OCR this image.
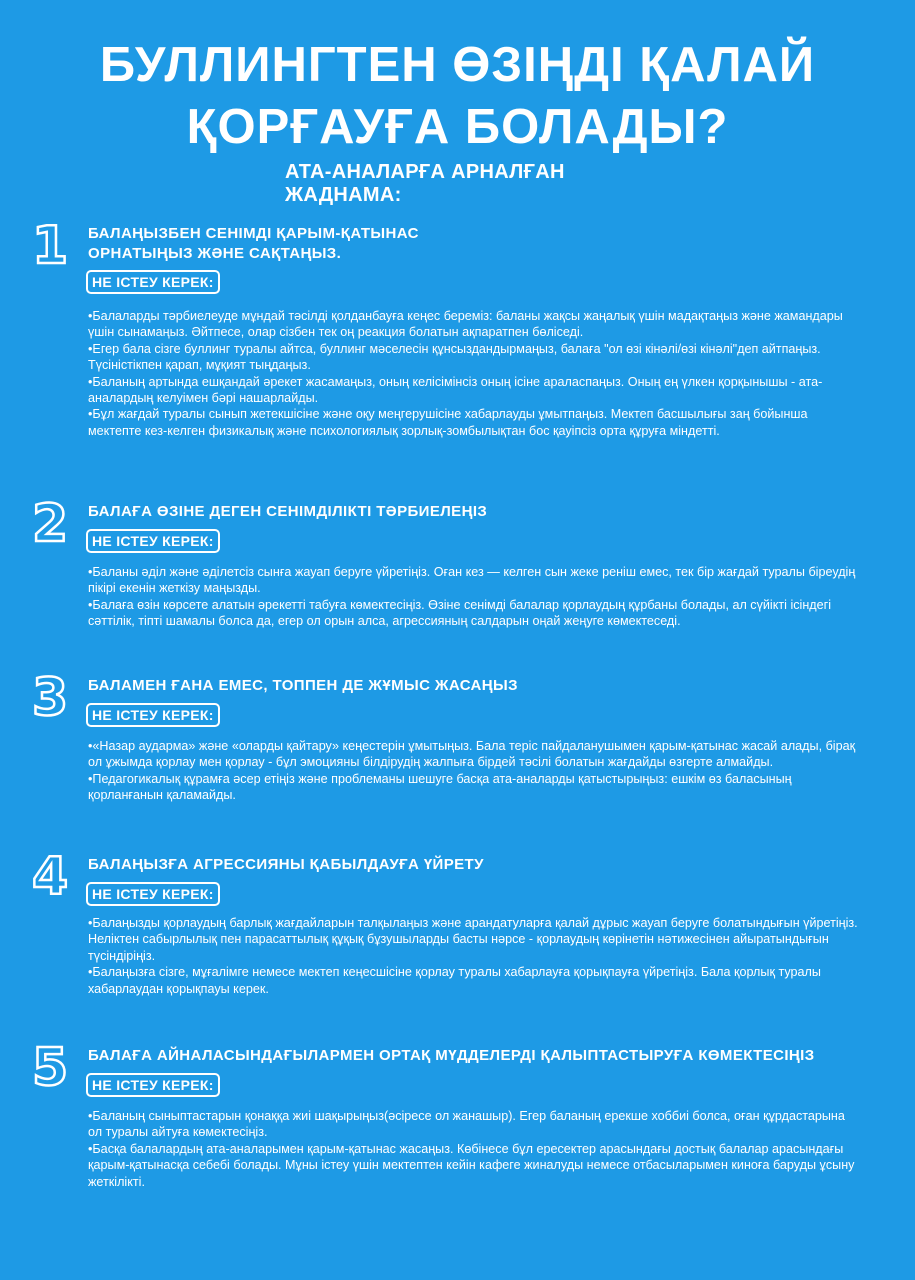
БУЛЛИНГТЕН ӨЗІҢДІ ҚАЛАЙ
ҚОРҒАУҒА БОЛАДЫ?
АТА-АНАЛАРҒА АРНАЛҒАН ЖАДНАМА:
1 БАЛАҢЫЗБЕН СЕНІМДІ ҚАРЫМ-ҚАТЫНАС
ОРНАТЫҢЫЗ ЖӘНЕ САҚТАҢЫЗ.
НЕ ІСТЕУ КЕРЕК:
• Балаларды тәрбиелеуде мұндай тәсілді қолданбауға кеңес береміз: баланы жақсы жаңалық үшін мадақтаңыз және жамандары үшін сынамаңыз. Әйтпесе, олар сізбен тек оң реакция болатын ақпаратпен бөліседі.
• Егер бала сізге буллинг туралы айтса, буллинг мәселесін құнсыздандырмаңыз, балаға "ол өзі кінәлі/өзі кінәлі"деп айтпаңыз. Түсіністікпен қарап, мұқият тыңдаңыз.
• Баланың артында ешқандай әрекет жасамаңыз, оның келісімінсіз оның ісіне араласпаңыз. Оның ең үлкен қорқынышы - ата-аналардың келуімен бәрі нашарлайды.
• Бұл жағдай туралы сынып жетекшісіне және оқу меңгерушісіне хабарлауды ұмытпаңыз. Мектеп басшылығы заң бойынша мектепте кез-келген физикалық және психологиялық зорлық-зомбылықтан бос қауіпсіз орта құруға міндетті.
2 БАЛАҒА ӨЗІНЕ ДЕГЕН СЕНІМДІЛІКТІ ТӘРБИЕЛЕҢІЗ
НЕ ІСТЕУ КЕРЕК:
• Баланы әділ және әділетсіз сынға жауап беруге үйретіңіз. Оған кез — келген сын жеке реніш емес, тек бір жағдай туралы біреудің пікірі екенін жеткізу маңызды.
• Балаға өзін көрсете алатын әрекетті табуға көмектесіңіз. Өзіне сенімді балалар қорлаудың құрбаны болады, ал сүйікті ісіндегі сәттілік, тіпті шамалы болса да, егер ол орын алса, агрессияның салдарын оңай жеңуге көмектеседі.
3 БАЛАМЕН ҒАНА ЕМЕС, ТОППЕН ДЕ ЖҰМЫС ЖАСАҢЫЗ
НЕ ІСТЕУ КЕРЕК:
• «Назар аударма» және «оларды қайтару» кеңестерін ұмытыңыз. Бала теріс пайдаланушымен қарым-қатынас жасай алады, бірақ ол ұжымда қорлау мен қорлау - бұл эмоцияны білдірудің жалпыға бірдей тәсілі болатын жағдайды өзгерте алмайды.
• Педагогикалық құрамға әсер етіңіз және проблеманы шешуге басқа ата-аналарды қатыстырыңыз: ешкім өз баласының қорланғанын қаламайды.
4 БАЛАҢЫЗҒА АГРЕССИЯНЫ ҚАБЫЛДАУҒА ҮЙРЕТУ
НЕ ІСТЕУ КЕРЕК:
• Балаңызды қорлаудың барлық жағдайларын талқылаңыз және арандатуларға қалай дұрыс жауап беруге болатындығын үйретіңіз. Неліктен сабырлылық пен парасаттылық құқық бұзушыларды басты нәрсе - қорлаудың көрінетін нәтижесінен айыратындығын түсіндіріңіз.
• Балаңызға сізге, мұғалімге немесе мектеп кеңесшісіне қорлау туралы хабарлауға қорықпауға үйретіңіз. Бала қорлық туралы хабарлаудан қорықпауы керек.
5 БАЛАҒА АЙНАЛАСЫНДАҒЫЛАРМЕН ОРТАҚ МҮДДЕЛЕРДІ ҚАЛЫПТАСТЫРУҒА КӨМЕКТЕСІҢІЗ
НЕ ІСТЕУ КЕРЕК:
• Баланың сыныптастарын қонаққа жиі шақырыңыз(әсіресе ол жанашыр). Егер баланың ерекше хоббиі болса, оған құрдастарына ол туралы айтуға көмектесіңіз.
• Басқа балалардың ата-аналарымен қарым-қатынас жасаңыз. Көбінесе бұл ересектер арасындағы достық балалар арасындағы қарым-қатынасқа себебі болады. Мұны істеу үшін мектептен кейін кафеге жиналуды немесе отбасыларымен киноға баруды ұсыну жеткілікті.
